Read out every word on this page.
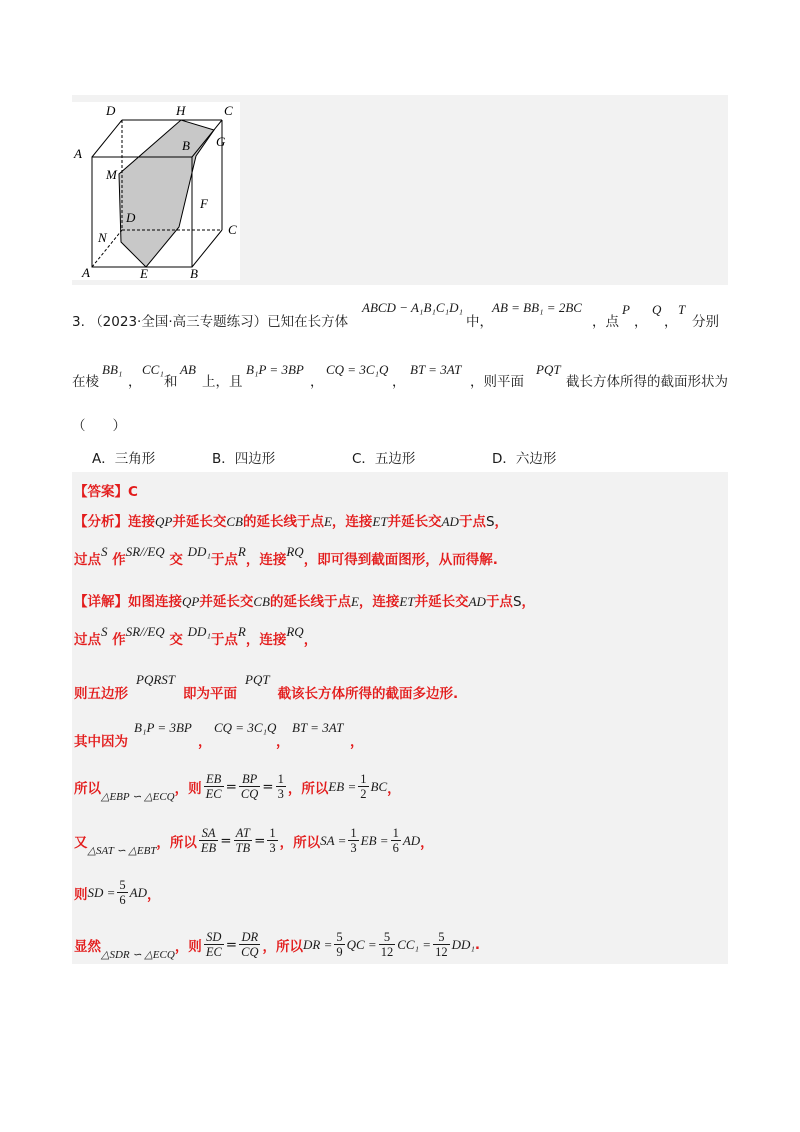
D	H	C
A
B G
M
F
D
C
N
A	E	B
3. （2023·全国·高三专题练习）已知在长方体
ABCD − A₁B₁C₁D₁
中，
AB = BB₁ = 2BC
，点
P
，
Q
，
T
分别
在棱
BB₁
，
CC₁
和
AB
上，且
B₁P = 3BP
，
CQ = 3C₁Q
，
BT = 3AT
，则平面
PQT
截长方体所得的截面形状为
（　　）
A．三角形	B．四边形	C．五边形	D．六边形
【答案】C
【分析】连接QP并延长交CB的延长线于点E，连接ET并延长交AD于点S，
过点S 作SR//EQ 交 DD₁于点R，连接RQ，即可得到截面图形，从而得解.
【详解】如图连接QP并延长交CB的延长线于点E，连接ET并延长交AD于点S，
过点S 作SR//EQ 交 DD₁于点R，连接RQ，
则五边形PQRST即为平面PQT截该长方体所得的截面多边形.
其中因为
B₁P = 3BP
，
CQ = 3C₁Q
，
BT = 3AT
，
所以
△EBP ∽ △ECQ
，则 $\frac{EB}{EC} = \frac{BP}{CQ} = \frac{1}{3}$ ，所以 EB = $\frac{1}{2}$ BC ，
又
△SAT ∽ △EBT
，所以 $\frac{SA}{EB} = \frac{AT}{TB} = \frac{1}{3}$ ，所以 SA = $\frac{1}{3}$ EB = $\frac{1}{6}$ AD ，
则 SD = $\frac{5}{6}$ AD ，
显然
△SDR ∽ △ECQ
，则 $\frac{SD}{EC} = \frac{DR}{CQ}$ ，所以 DR = $\frac{5}{9}$ QC = $\frac{5}{12} CC_1 = \frac{5}{12} DD_1$ .
